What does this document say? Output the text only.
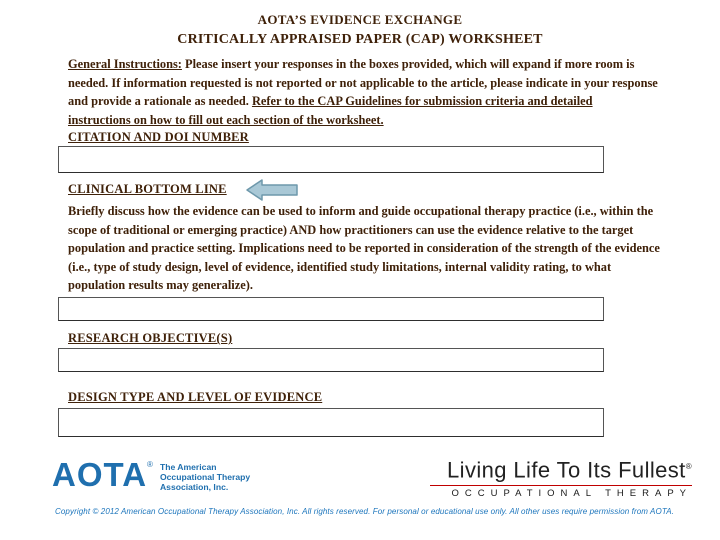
AOTA’S EVIDENCE EXCHANGE
CRITICALLY APPRAISED PAPER (CAP) WORKSHEET

General Instructions: Please insert your responses in the boxes provided, which will expand if more room is needed. If information requested is not reported or not applicable to the article, please indicate in your response and provide a rationale as needed. Refer to the CAP Guidelines for submission criteria and detailed instructions on how to fill out each section of the worksheet.

CITATION AND DOI NUMBER
CLINICAL BOTTOM LINE

Briefly discuss how the evidence can be used to inform and guide occupational therapy practice (i.e., within the scope of traditional or emerging practice) AND how practitioners can use the evidence relative to the target population and practice setting. Implications need to be reported in consideration of the strength of the evidence (i.e., type of study design, level of evidence, identified study limitations, internal validity rating, to what population results may generalize).

RESEARCH OBJECTIVE(S)
DESIGN TYPE AND LEVEL OF EVIDENCE
AOTA® The American
Occupational Therapy
Association, Inc.
Living Life To Its Fullest®
OCCUPATIONAL THERAPY
Copyright © 2012 American Occupational Therapy Association, Inc. All rights reserved. For personal or educational use only. All other uses require permission from AOTA.
